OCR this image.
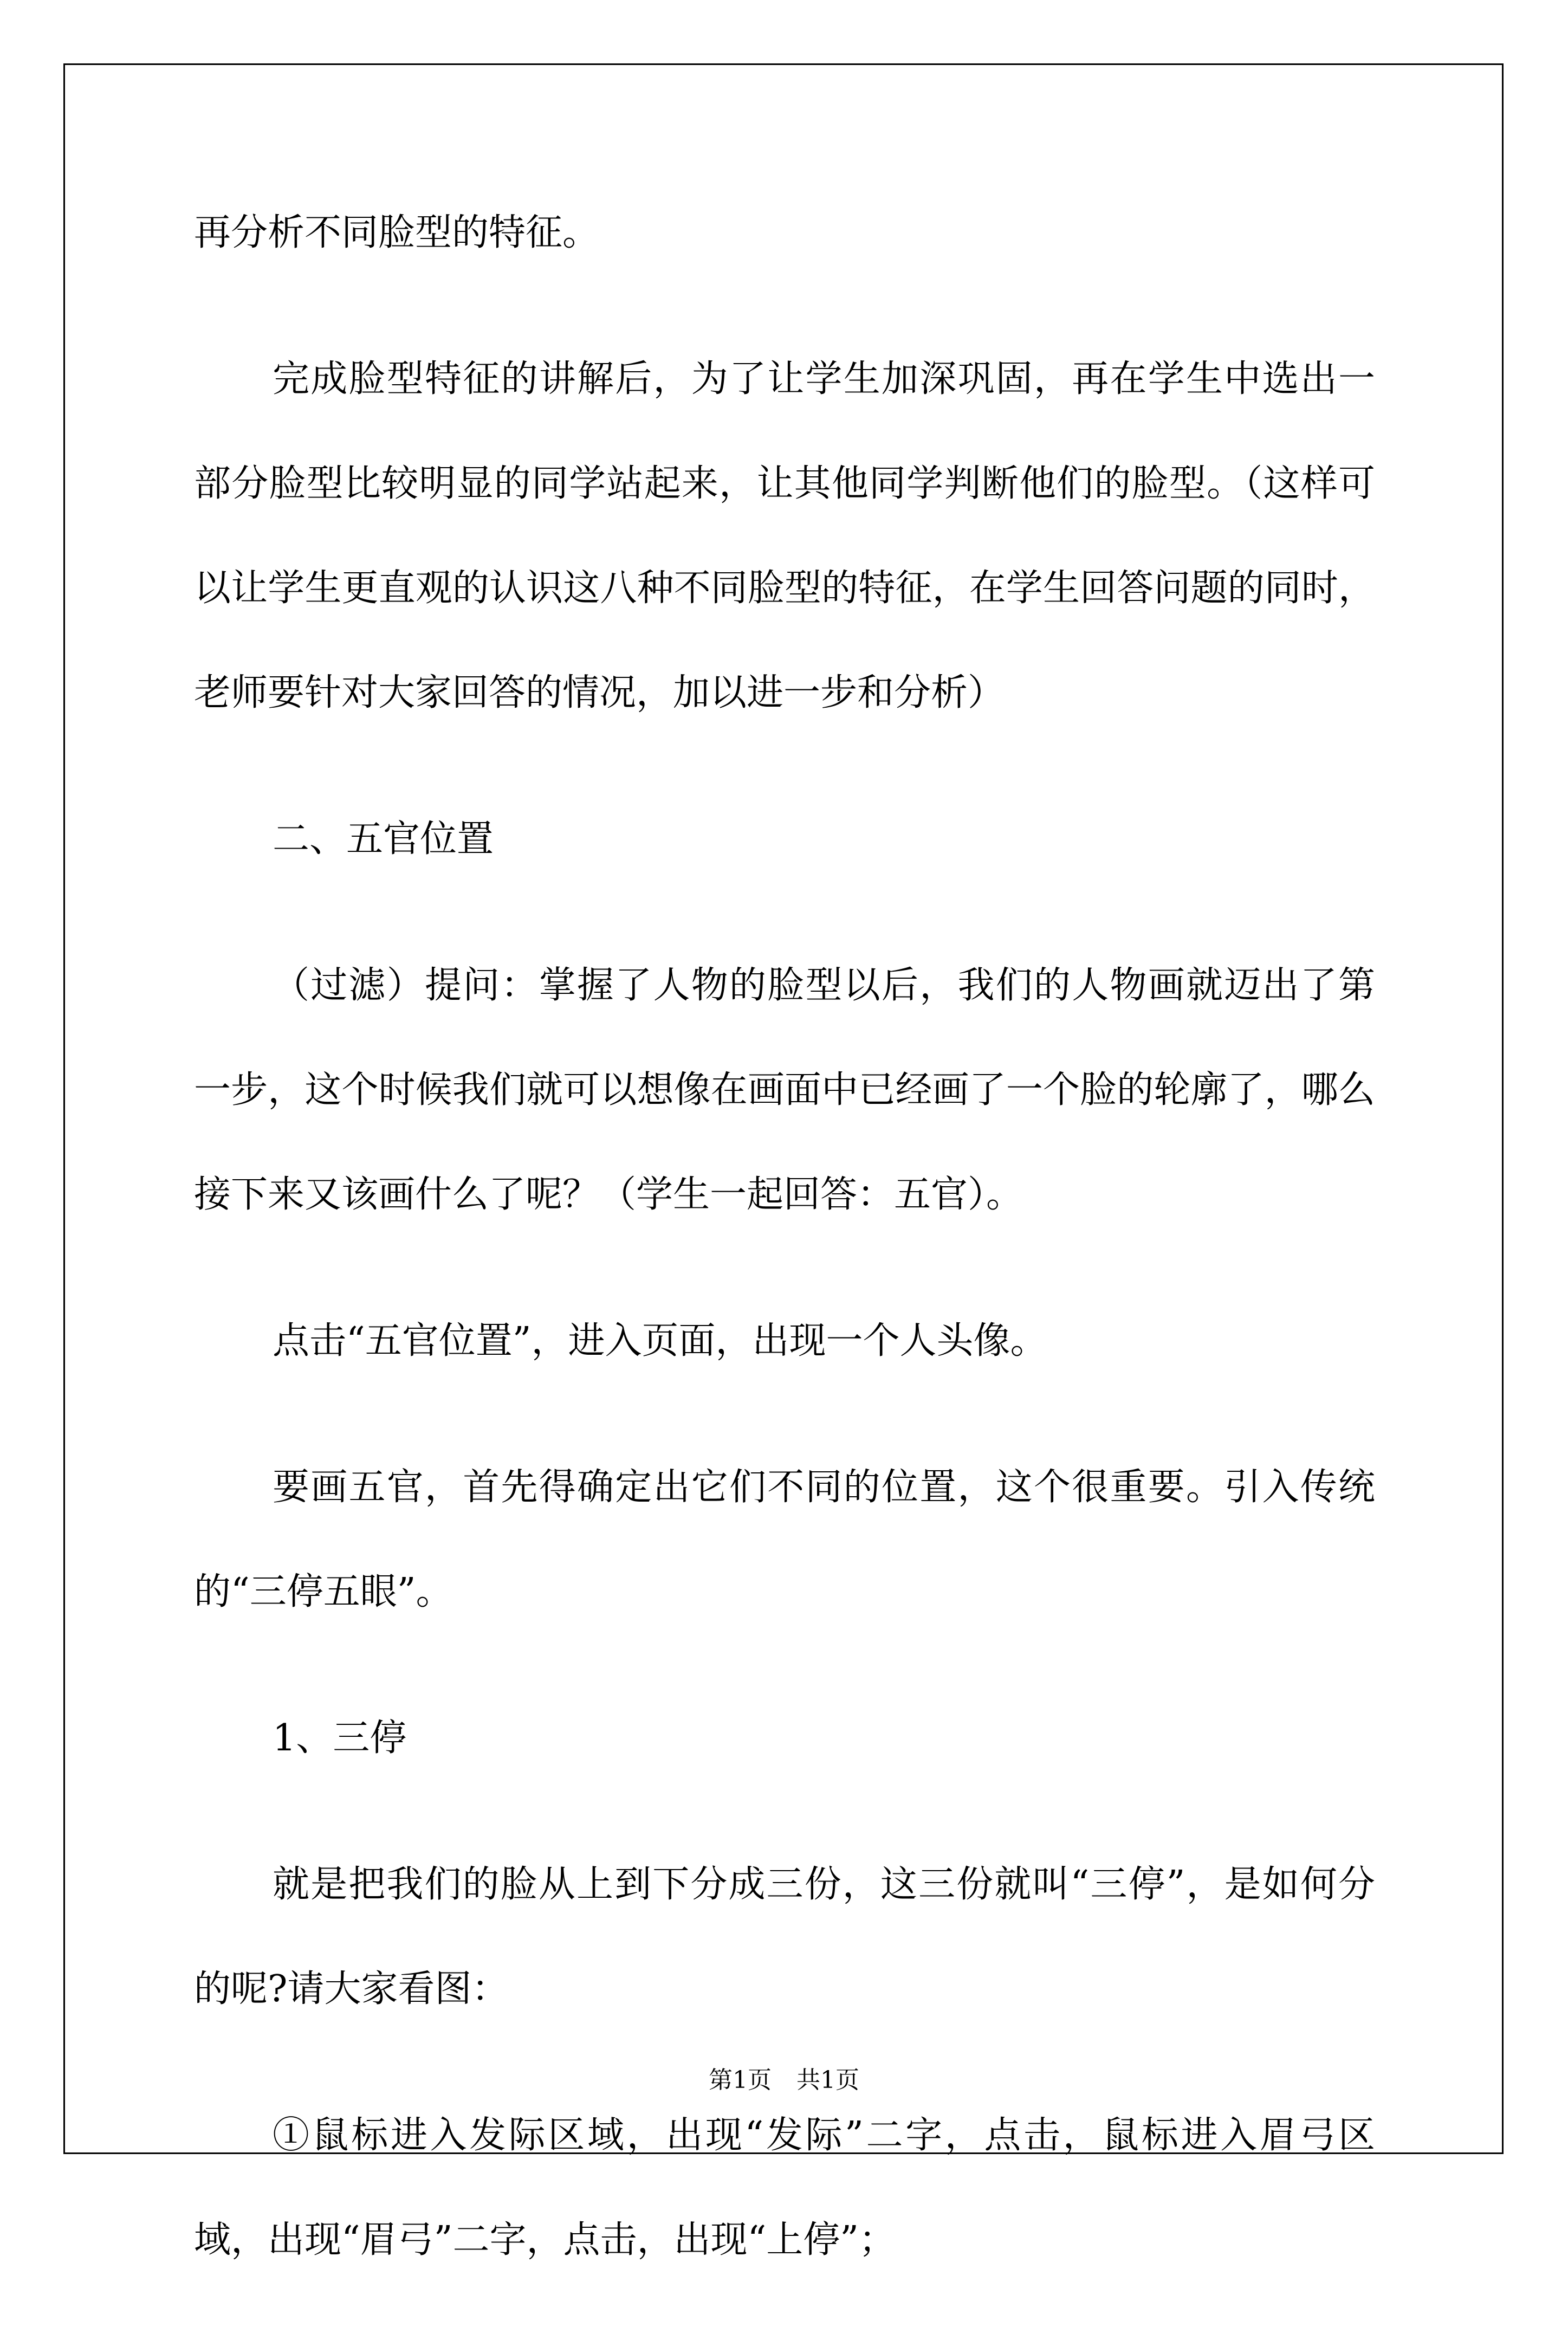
再分析不同脸型的特征。

完成脸型特征的讲解后，为了让学生加深巩固，再在学生中选出一部分脸型比较明显的同学站起来，让其他同学判断他们的脸型。（这样可以让学生更直观的认识这八种不同脸型的特征，在学生回答问题的同时，老师要针对大家回答的情况，加以进一步和分析）

二、五官位置

（过滤）提问：掌握了人物的脸型以后，我们的人物画就迈出了第一步，这个时候我们就可以想像在画面中已经画了一个脸的轮廓了，哪么接下来又该画什么了呢？（学生一起回答：五官）。

点击“五官位置”，进入页面，出现一个人头像。

要画五官，首先得确定出它们不同的位置，这个很重要。引入传统的“三停五眼”。

1、三停

就是把我们的脸从上到下分成三份，这三份就叫“三停”，是如何分的呢?请大家看图：

①鼠标进入发际区域，出现“发际”二字，点击，鼠标进入眉弓区域，出现“眉弓”二字，点击，出现“上停”；

第1页 共1页
